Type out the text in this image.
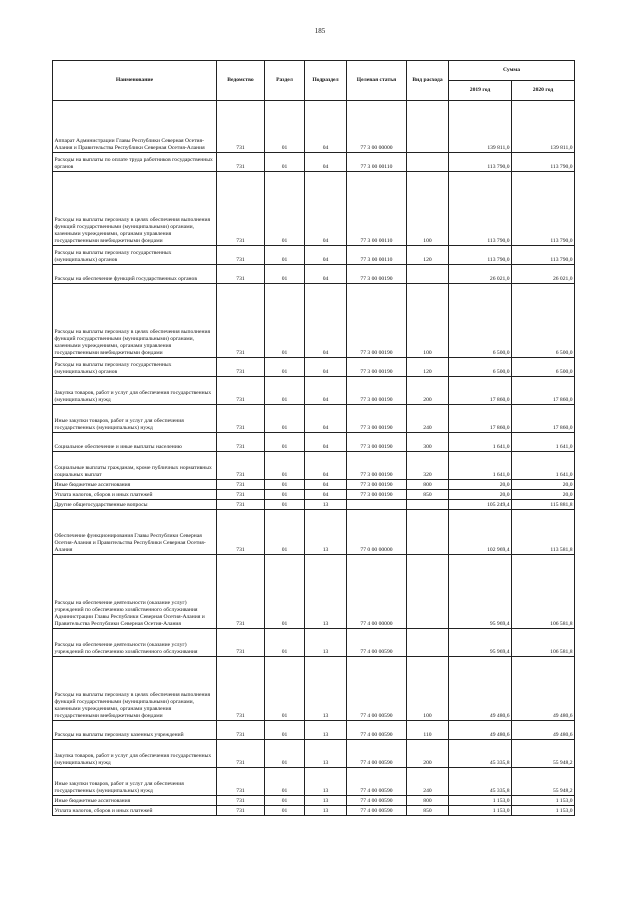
185
Наименование	Ведомство	Раздел	Подраздел	Целевая статья	Вид расхода	Сумма	
						2019 год	2020 год
Аппарат Администрации Главы Республики Северная Осетия-Алания и Правительства Республики Северная Осетия-Алания	731	01	04	77 3 00 00000		139 811,0	139 811,0
Расходы на выплаты по оплате труда работников государственных органов	731	01	04	77 3 00 00110		113 790,0	113 790,0
Расходы на выплаты персоналу в целях обеспечения выполнения функций государственными (муниципальными) органами, казенными учреждениями, органами управления государственными внебюджетными фондами	731	01	04	77 3 00 00110	100	113 790,0	113 790,0
Расходы на выплаты персоналу государственных (муниципальных) органов	731	01	04	77 3 00 00110	120	113 790,0	113 790,0
Расходы на обеспечение функций государственных органов	731	01	04	77 3 00 00190		26 021,0	26 021,0
Расходы на выплаты персоналу в целях обеспечения выполнения функций государственными (муниципальными) органами, казенными учреждениями, органами управления государственными внебюджетными фондами	731	01	04	77 3 00 00190	100	6 500,0	6 500,0
Расходы на выплаты персоналу государственных (муниципальных) органов	731	01	04	77 3 00 00190	120	6 500,0	6 500,0
Закупка товаров, работ и услуг для обеспечения государственных (муниципальных) нужд	731	01	04	77 3 00 00190	200	17 860,0	17 860,0
Иные закупки товаров, работ и услуг для обеспечения государственных (муниципальных) нужд	731	01	04	77 3 00 00190	240	17 860,0	17 860,0
Социальное обеспечение и иные выплаты населению	731	01	04	77 3 00 00190	300	1 641,0	1 641,0
Социальные выплаты гражданам, кроме публичных нормативных социальных выплат	731	01	04	77 3 00 00190	320	1 641,0	1 641,0
Иные бюджетные ассигнования	731	01	04	77 3 00 00190	800	20,0	20,0
Уплата налогов, сборов и иных платежей	731	01	04	77 3 00 00190	850	20,0	20,0
Другие общегосударственные вопросы	731	01	13			105 249,4	115 881,8
Обеспечение функционирования Главы Республики Северная Осетия-Алания и Правительства Республики Северная Осетия-Алания	731	01	13	77 0 00 00000		102 969,4	113 581,8
Расходы на обеспечение деятельности (оказание услуг) учреждений по обеспечению хозяйственного обслуживания Администрации Главы Республики Северная Осетия-Алания и Правительства Республики Северная Осетия-Алания	731	01	13	77 4 00 00000		95 969,4	106 581,8
Расходы на обеспечение деятельности (оказание услуг) учреждений по обеспечению хозяйственного обслуживания	731	01	13	77 4 00 00590		95 969,4	106 581,8
Расходы на выплаты персоналу в целях обеспечения выполнения функций государственными (муниципальными) органами, казенными учреждениями, органами управления государственными внебюджетными фондами	731	01	13	77 4 00 00590	100	49 480,6	49 480,6
Расходы на выплаты персоналу казенных учреждений	731	01	13	77 4 00 00590	110	49 480,6	49 480,6
Закупка товаров, работ и услуг для обеспечения государственных (муниципальных) нужд	731	01	13	77 4 00 00590	200	45 335,8	55 948,2
Иные закупки товаров, работ и услуг для обеспечения государственных (муниципальных) нужд	731	01	13	77 4 00 00590	240	45 335,8	55 948,2
Иные бюджетные ассигнования	731	01	13	77 4 00 00590	800	1 153,0	1 153,0
Уплата налогов, сборов и иных платежей	731	01	13	77 4 00 00590	850	1 153,0	1 153,0
